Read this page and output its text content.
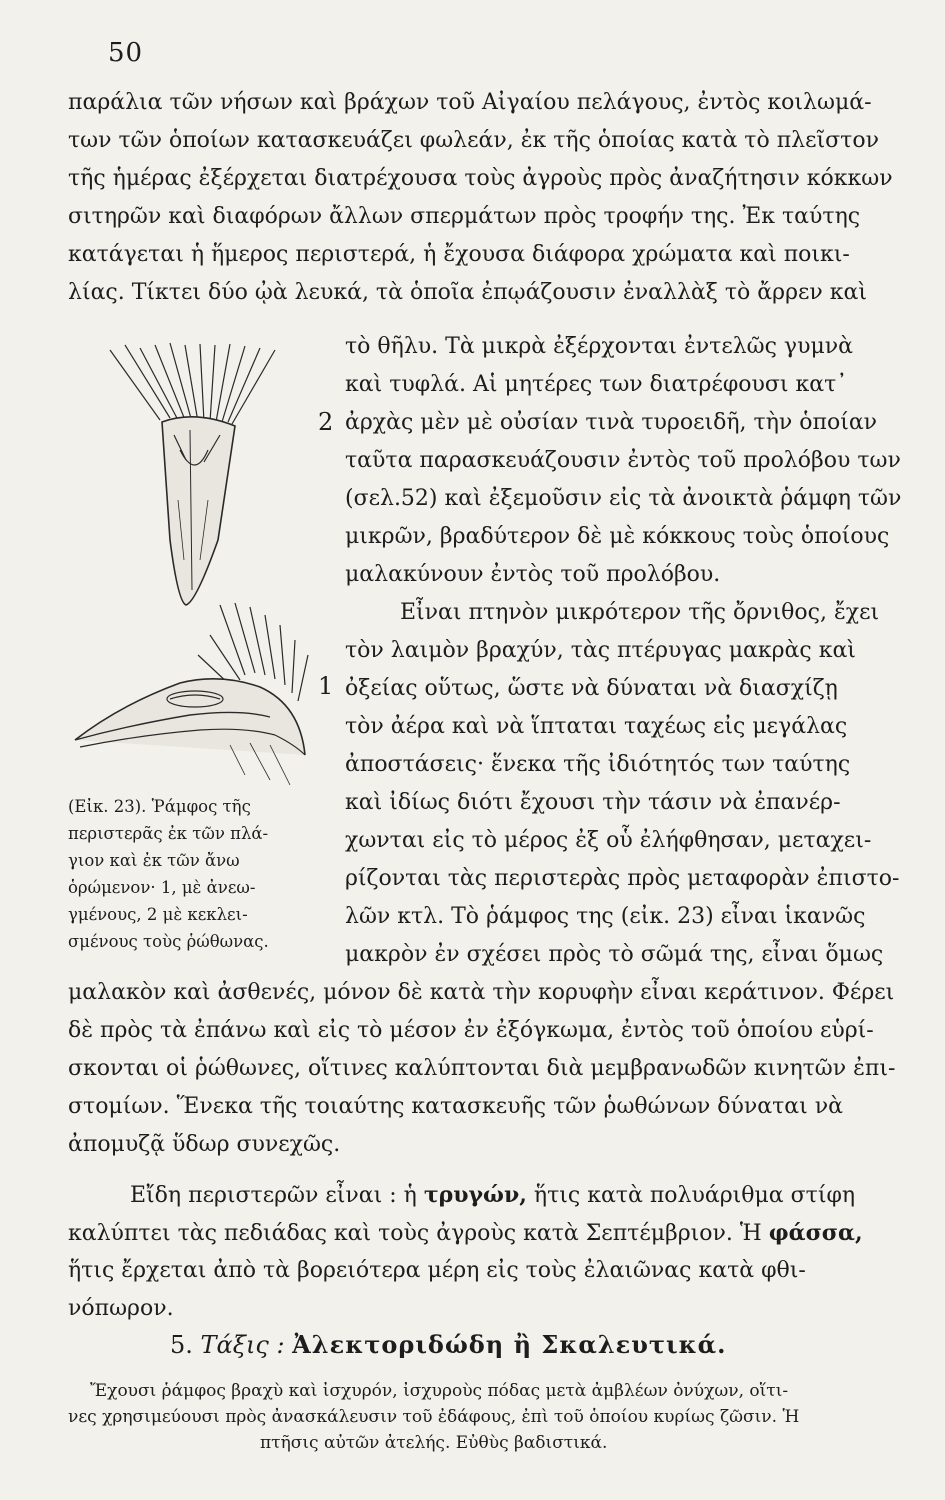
50
παράλια τῶν νήσων καὶ βράχων τοῦ Αἰγαίου πελάγους, ἐντὸς κοιλωμά-
των τῶν ὁποίων κατασκευάζει φωλεάν, ἐκ τῆς ὁποίας κατὰ τὸ πλεῖστον
τῆς ἡμέρας ἐξέρχεται διατρέχουσα τοὺς ἀγροὺς πρὸς ἀναζήτησιν κόκκων
σιτηρῶν καὶ διαφόρων ἄλλων σπερμάτων πρὸς τροφήν της. Ἐκ ταύτης
κατάγεται ἡ ἥμερος περιστερά, ἡ ἔχουσα διάφορα χρώματα καὶ ποικι-
λίας. Τίκτει δύο ᾠὰ λευκά, τὰ ὁποῖα ἐπῳάζουσιν ἐναλλὰξ τὸ ἄρρεν καὶ
2
1
τὸ θῆλυ. Τὰ μικρὰ ἐξέρχονται ἐντελῶς γυμνὰ
καὶ τυφλά. Αἱ μητέρες των διατρέφουσι κατ᾽
ἀρχὰς μὲν μὲ οὐσίαν τινὰ τυροειδῆ, τὴν ὁποίαν
ταῦτα παρασκευάζουσιν ἐντὸς τοῦ προλόβου των
(σελ.52) καὶ ἐξεμοῦσιν εἰς τὰ ἀνοικτὰ ῥάμφη τῶν
μικρῶν, βραδύτερον δὲ μὲ κόκκους τοὺς ὁποίους
μαλακύνουν ἐντὸς τοῦ προλόβου.
Εἶναι πτηνὸν μικρότερον τῆς ὄρνιθος, ἔχει
τὸν λαιμὸν βραχύν, τὰς πτέρυγας μακρὰς καὶ
ὀξείας οὕτως, ὥστε νὰ δύναται νὰ διασχίζῃ
τὸν ἀέρα καὶ νὰ ἵπταται ταχέως εἰς μεγάλας
ἀποστάσεις· ἕνεκα τῆς ἰδιότητός των ταύτης
καὶ ἰδίως διότι ἔχουσι τὴν τάσιν νὰ ἐπανέρ-
χωνται εἰς τὸ μέρος ἐξ οὗ ἐλήφθησαν, μεταχει-
ρίζονται τὰς περιστερὰς πρὸς μεταφορὰν ἐπιστο-
λῶν κτλ. Τὸ ῥάμφος της (εἰκ. 23) εἶναι ἱκανῶς
μακρὸν ἐν σχέσει πρὸς τὸ σῶμά της, εἶναι ὅμως
(Εἰκ. 23). Ῥάμφος τῆς
περιστερᾶς ἐκ τῶν πλά-
γιον καὶ ἐκ τῶν ἄνω
ὁρώμενον· 1, μὲ ἀνεω-
γμένους, 2 μὲ κεκλει-
σμένους τοὺς ῥώθωνας.
μαλακὸν καὶ ἀσθενές, μόνον δὲ κατὰ τὴν κορυφὴν εἶναι κεράτινον. Φέρει
δὲ πρὸς τὰ ἐπάνω καὶ εἰς τὸ μέσον ἐν ἐξόγκωμα, ἐντὸς τοῦ ὁποίου εὑρί-
σκονται οἱ ῥώθωνες, οἵτινες καλύπτονται διὰ μεμβρανωδῶν κινητῶν ἐπι-
στομίων. Ἕνεκα τῆς τοιαύτης κατασκευῆς τῶν ῥωθώνων δύναται νὰ
ἀπομυζᾷ ὕδωρ συνεχῶς.
Εἴδη περιστερῶν εἶναι : ἡ τρυγών, ἥτις κατὰ πολυάριθμα στίφη
καλύπτει τὰς πεδιάδας καὶ τοὺς ἀγροὺς κατὰ Σεπτέμβριον. Ἡ φάσσα,
ἥτις ἔρχεται ἀπὸ τὰ βορειότερα μέρη εἰς τοὺς ἐλαιῶνας κατὰ φθι-
νόπωρον.
5. Τάξις : Ἀλεκτοριδώδη ἢ Σκαλευτικά.
Ἔχουσι ῥάμφος βραχὺ καὶ ἰσχυρόν, ἰσχυροὺς πόδας μετὰ ἀμβλέων ὀνύχων, οἵτι-
νες χρησιμεύουσι πρὸς ἀνασκάλευσιν τοῦ ἐδάφους, ἐπὶ τοῦ ὁποίου κυρίως ζῶσιν. Ἡ
πτῆσις αὐτῶν ἀτελής. Εὐθὺς βαδιστικά.
